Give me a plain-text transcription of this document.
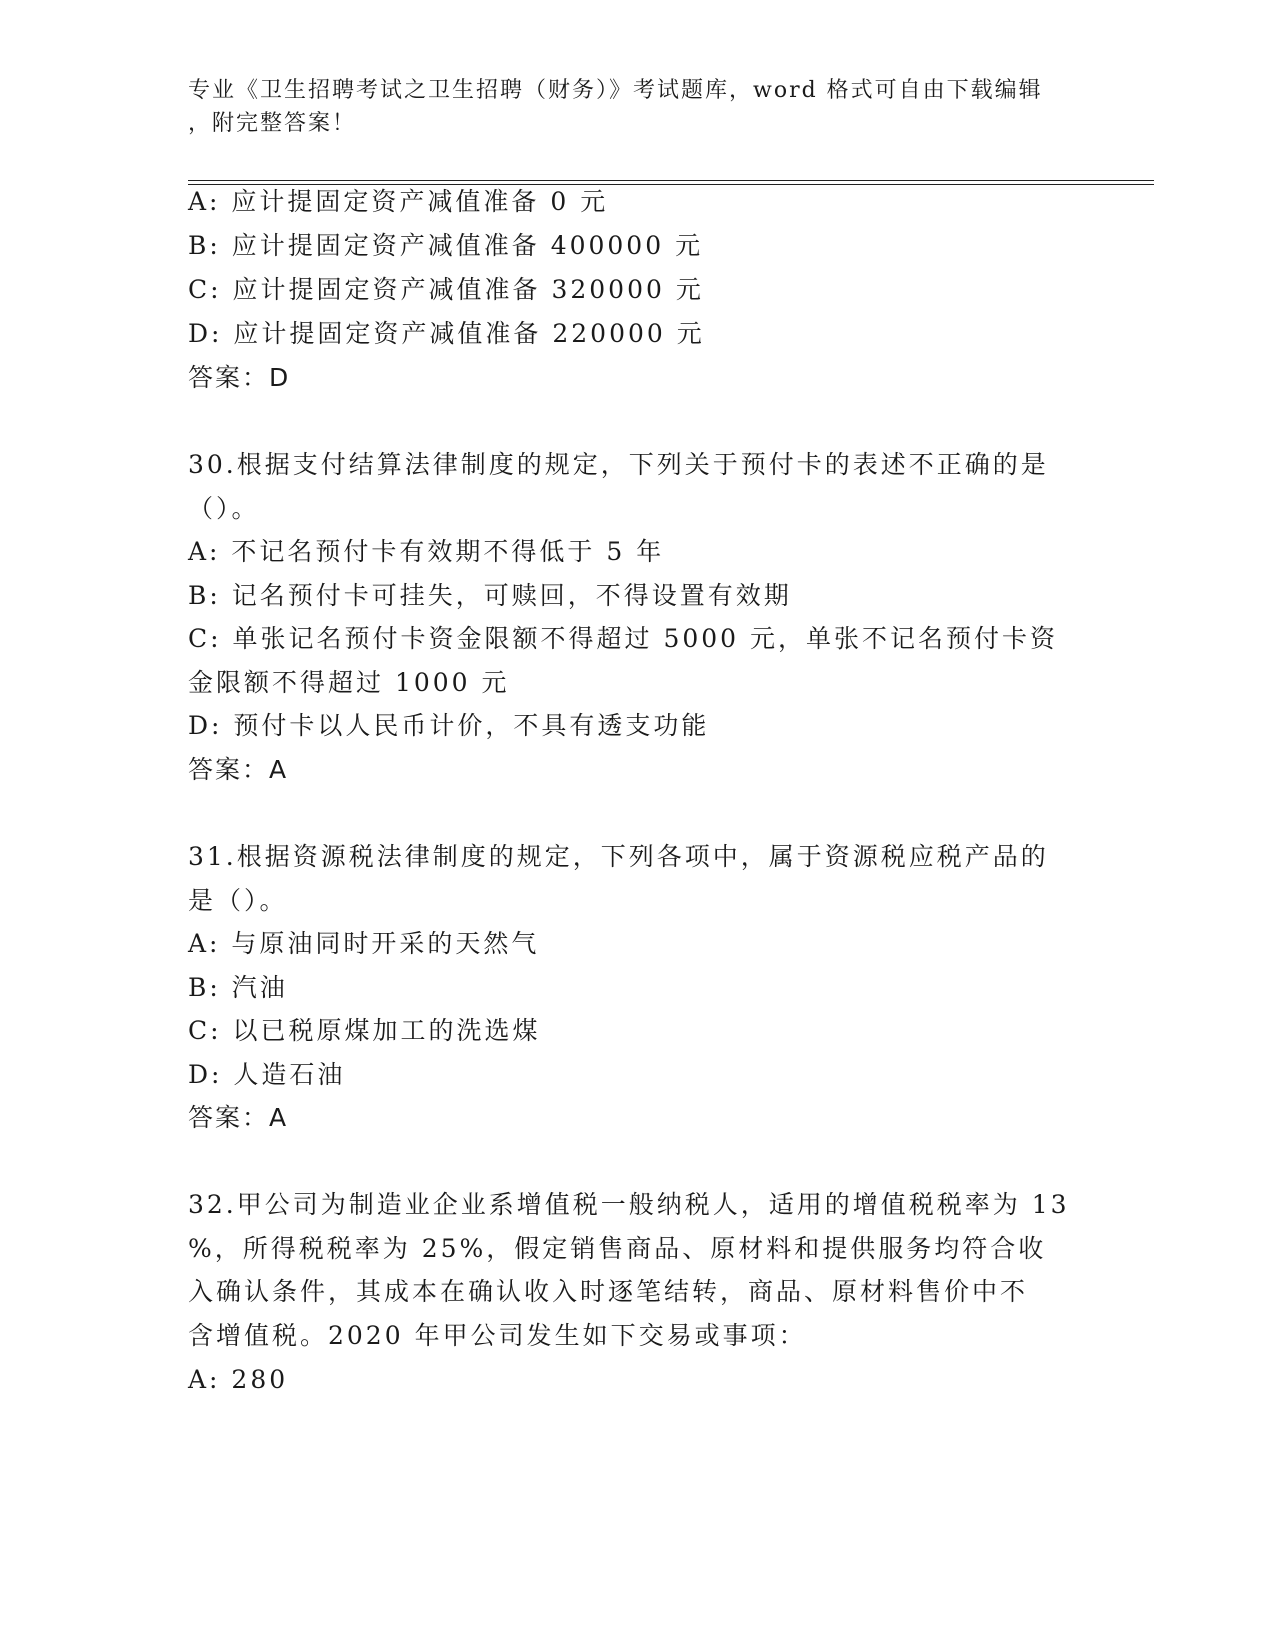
专业《卫生招聘考试之卫生招聘（财务）》考试题库，word 格式可自由下载编辑
，附完整答案！
A: 应计提固定资产减值准备 0 元
B: 应计提固定资产减值准备 400000 元
C: 应计提固定资产减值准备 320000 元
D: 应计提固定资产减值准备 220000 元
答案：D
30.根据支付结算法律制度的规定，下列关于预付卡的表述不正确的是
（）。
A: 不记名预付卡有效期不得低于 5 年
B: 记名预付卡可挂失，可赎回，不得设置有效期
C: 单张记名预付卡资金限额不得超过 5000 元，单张不记名预付卡资
金限额不得超过 1000 元
D: 预付卡以人民币计价，不具有透支功能
答案：A
31.根据资源税法律制度的规定，下列各项中，属于资源税应税产品的
是（）。
A: 与原油同时开采的天然气
B: 汽油
C: 以已税原煤加工的洗选煤
D: 人造石油
答案：A
32.甲公司为制造业企业系增值税一般纳税人，适用的增值税税率为 13
%，所得税税率为 25%，假定销售商品、原材料和提供服务均符合收
入确认条件，其成本在确认收入时逐笔结转，商品、原材料售价中不
含增值税。2020 年甲公司发生如下交易或事项：
A: 280
